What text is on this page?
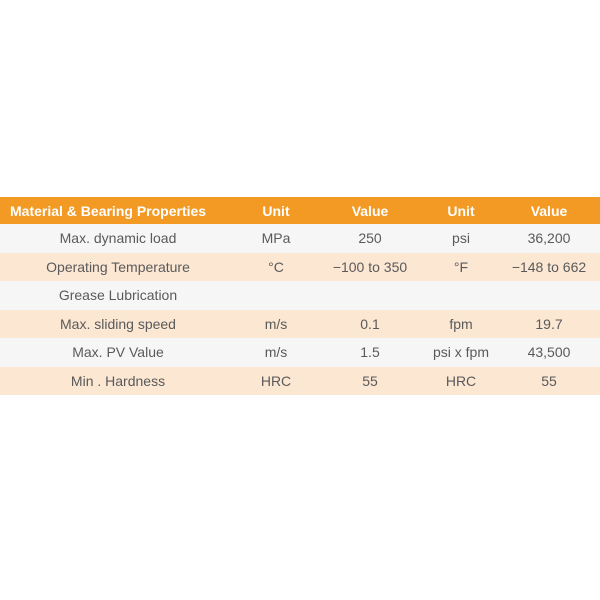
Material & Bearing Properties	Unit	Value	Unit	Value
Max. dynamic load	MPa	250	psi	36,200
Operating Temperature	°C	−100 to 350	°F	−148 to 662
Grease Lubrication				
Max. sliding speed	m/s	0.1	fpm	19.7
Max. PV Value	m/s	1.5	psi x fpm	43,500
Min . Hardness	HRC	55	HRC	55
